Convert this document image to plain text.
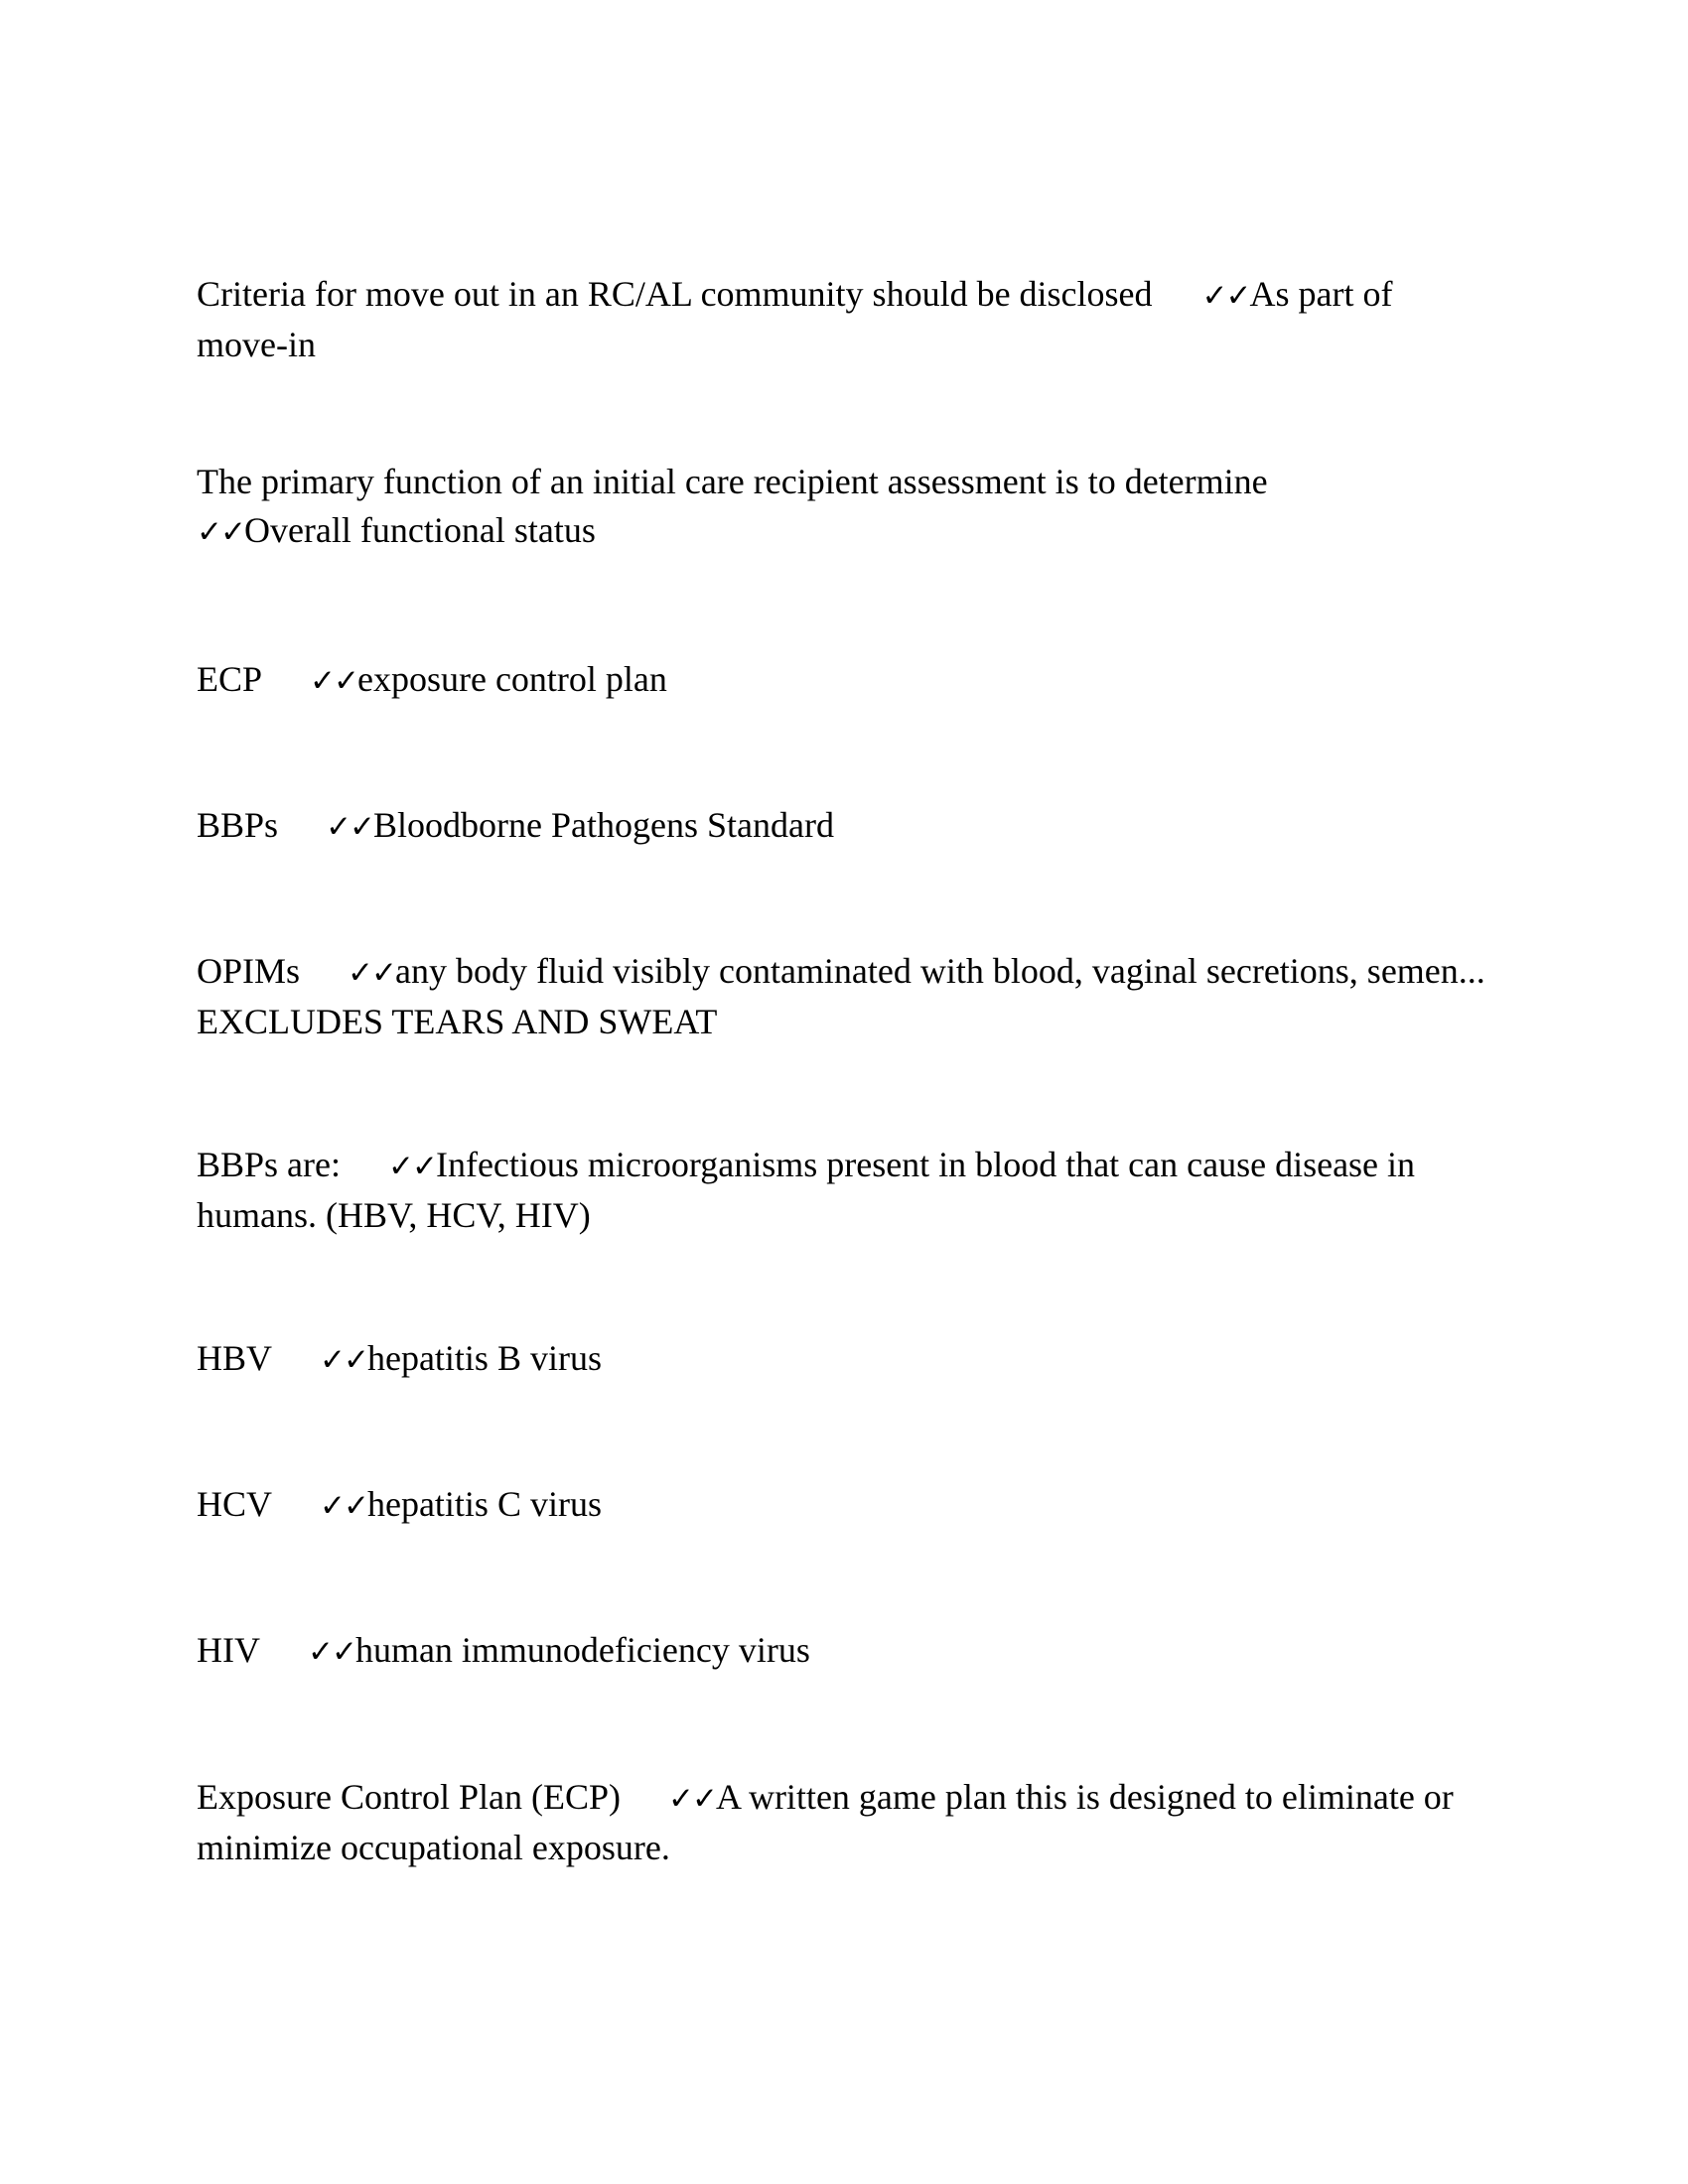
Criteria for move out in an RC/AL community should be disclosed ✓✓As part of move-in
The primary function of an initial care recipient assessment is to determine
✓✓Overall functional status
ECP ✓✓exposure control plan
BBPs ✓✓Bloodborne Pathogens Standard
OPIMs ✓✓any body fluid visibly contaminated with blood, vaginal secretions, semen... EXCLUDES TEARS AND SWEAT
BBPs are: ✓✓Infectious microorganisms present in blood that can cause disease in humans. (HBV, HCV, HIV)
HBV ✓✓hepatitis B virus
HCV ✓✓hepatitis C virus
HIV ✓✓human immunodeficiency virus
Exposure Control Plan (ECP) ✓✓A written game plan this is designed to eliminate or minimize occupational exposure.
